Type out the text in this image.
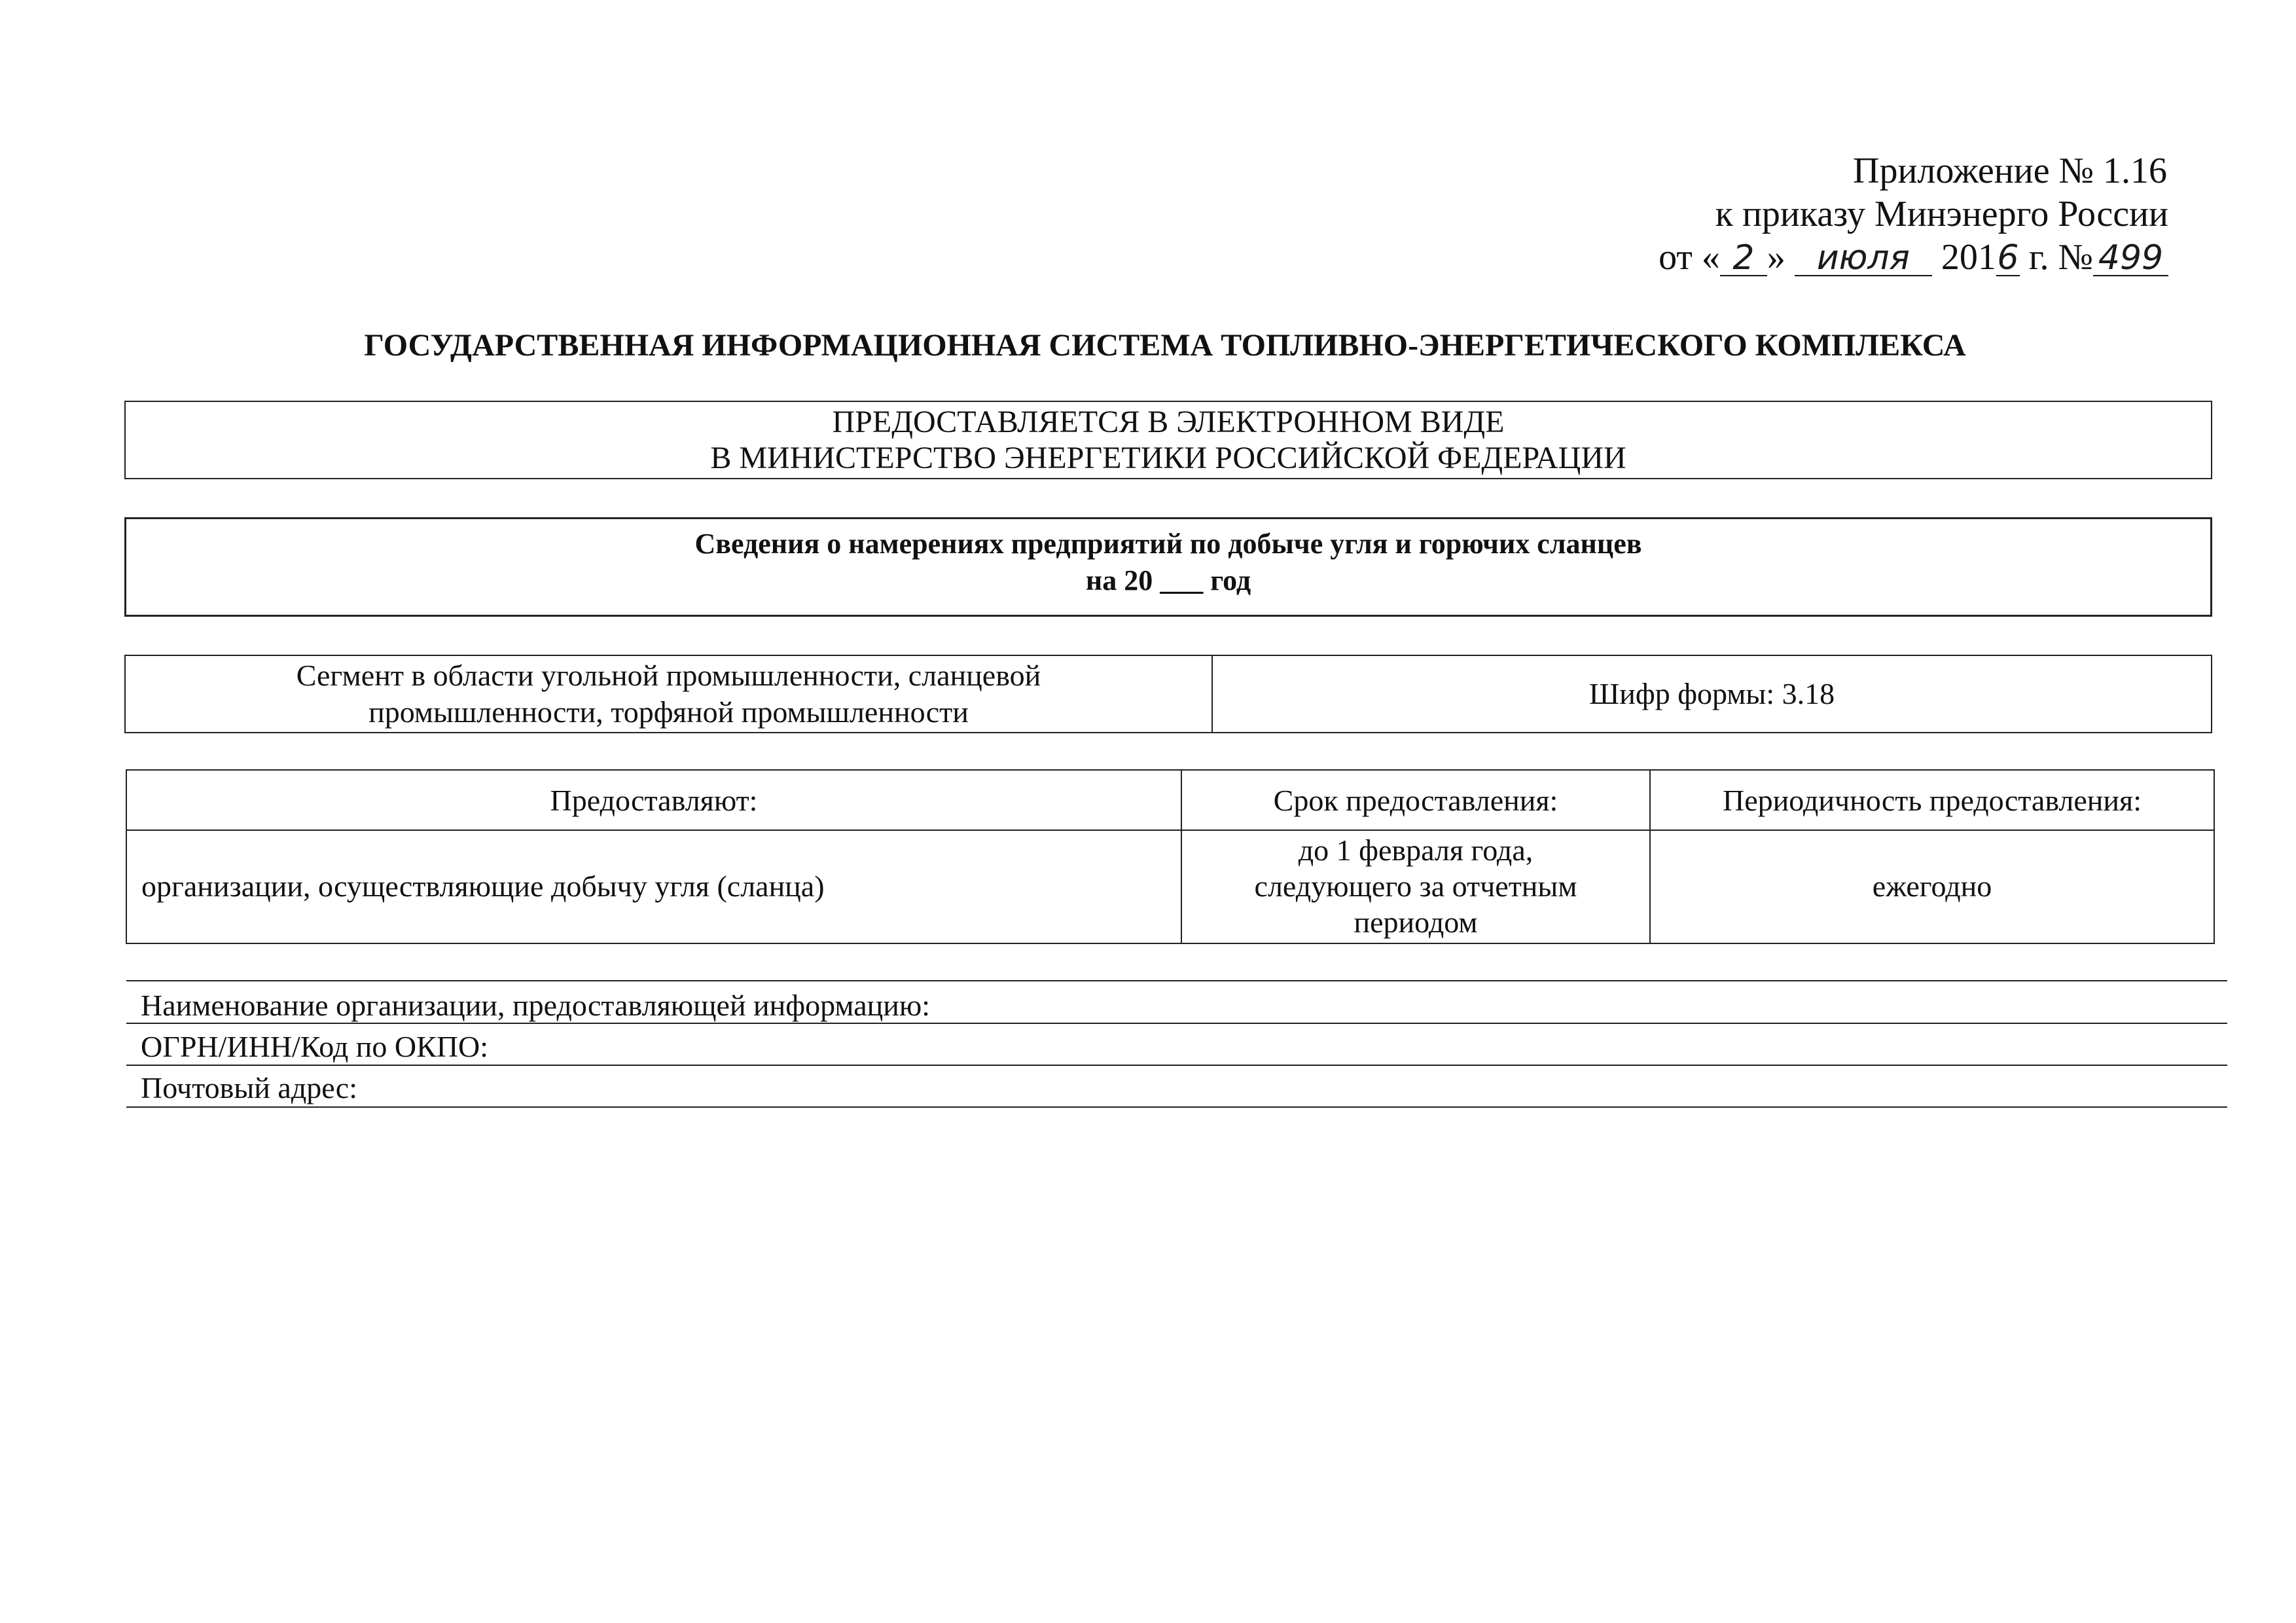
Приложение № 1.16
к приказу Минэнерго России
от « 2 » июля 2016 г. № 499
ГОСУДАРСТВЕННАЯ ИНФОРМАЦИОННАЯ СИСТЕМА ТОПЛИВНО-ЭНЕРГЕТИЧЕСКОГО КОМПЛЕКСА
ПРЕДОСТАВЛЯЕТСЯ В ЭЛЕКТРОННОМ ВИДЕ
В МИНИСТЕРСТВО ЭНЕРГЕТИКИ РОССИЙСКОЙ ФЕДЕРАЦИИ
Сведения о намерениях предприятий по добыче угля и горючих сланцев
на 20 ___ год
Сегмент в области угольной промышленности, сланцевой
промышленности, торфяной промышленности
Шифр формы: 3.18
Предоставляют:	Срок предоставления:	Периодичность предоставления:
организации, осуществляющие добычу угля (сланца)
до 1 февраля года,
следующего за отчетным
периодом
ежегодно
Наименование организации, предоставляющей информацию:
ОГРН/ИНН/Код по ОКПО:
Почтовый адрес:
